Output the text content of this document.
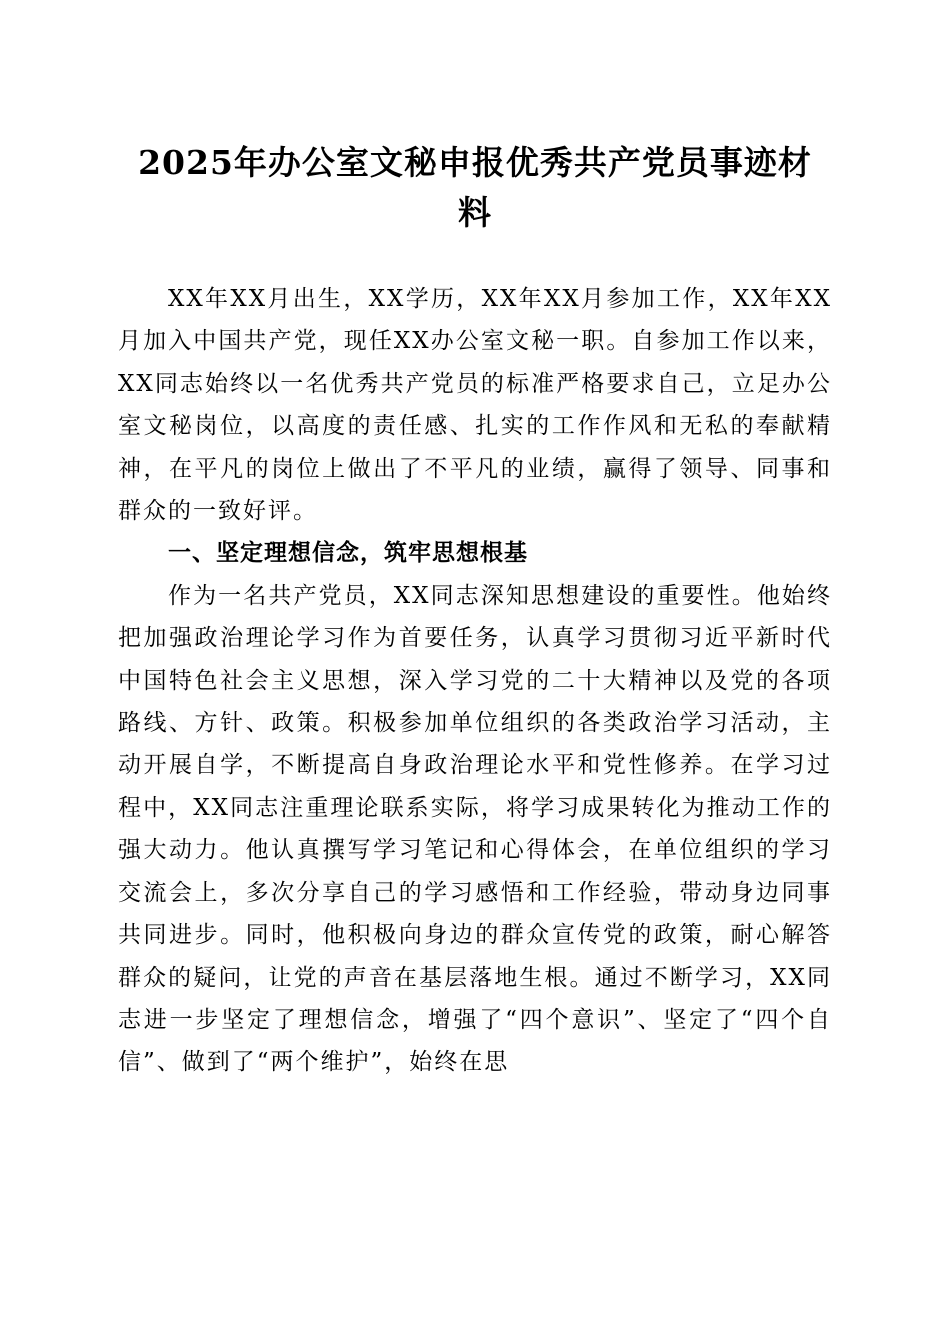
2025年办公室文秘申报优秀共产党员事迹材
料

XX年XX月出生，XX学历，XX年XX月参加工作，XX年XX月加入中国共产党，现任XX办公室文秘一职。自参加工作以来，XX同志始终以一名优秀共产党员的标准严格要求自己，立足办公室文秘岗位，以高度的责任感、扎实的工作作风和无私的奉献精神，在平凡的岗位上做出了不平凡的业绩，赢得了领导、同事和群众的一致好评。

一、坚定理想信念，筑牢思想根基

作为一名共产党员，XX同志深知思想建设的重要性。他始终把加强政治理论学习作为首要任务，认真学习贯彻习近平新时代中国特色社会主义思想，深入学习党的二十大精神以及党的各项路线、方针、政策。积极参加单位组织的各类政治学习活动，主动开展自学，不断提高自身政治理论水平和党性修养。在学习过程中，XX同志注重理论联系实际，将学习成果转化为推动工作的强大动力。他认真撰写学习笔记和心得体会，在单位组织的学习交流会上，多次分享自己的学习感悟和工作经验，带动身边同事共同进步。同时，他积极向身边的群众宣传党的政策，耐心解答群众的疑问，让党的声音在基层落地生根。通过不断学习，XX同志进一步坚定了理想信念，增强了“四个意识”、坚定了“四个自信”、做到了“两个维护”，始终在思
